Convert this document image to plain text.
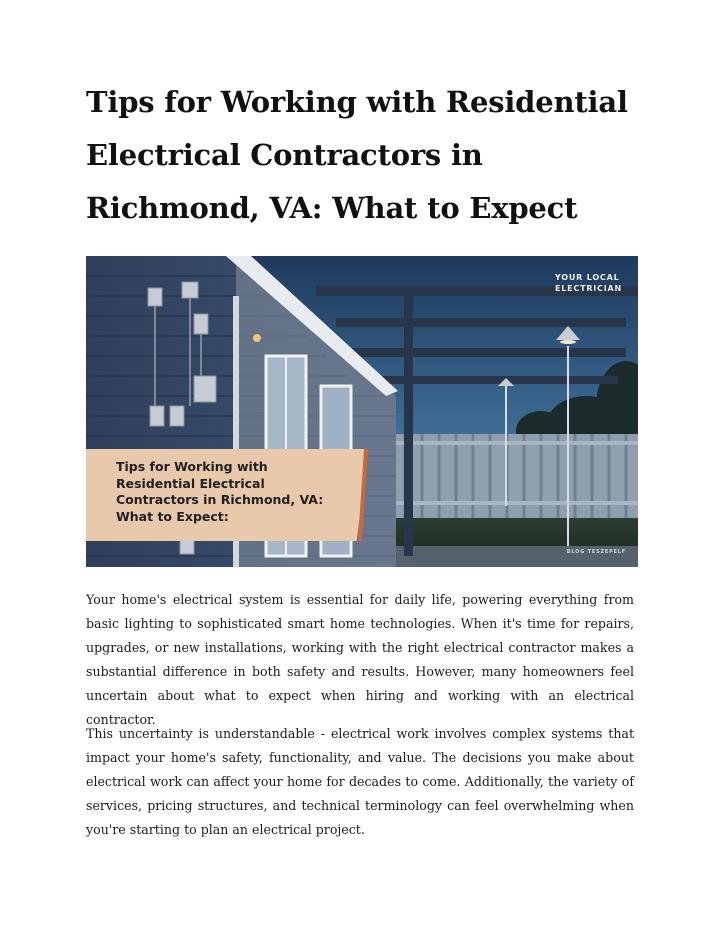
Tips for Working with Residential Electrical Contractors in Richmond, VA: What to Expect
YOUR LOCAL
ELECTRICIAN
Tips for Working with
Residential Electrical
Contractors in Richmond, VA:
What to Expect:
BLOG TESZEPELF

Your home's electrical system is essential for daily life, powering everything from basic lighting to sophisticated smart home technologies. When it's time for repairs, upgrades, or new installations, working with the right electrical contractor makes a substantial difference in both safety and results. However, many homeowners feel uncertain about what to expect when hiring and working with an electrical contractor.

This uncertainty is understandable - electrical work involves complex systems that impact your home's safety, functionality, and value. The decisions you make about electrical work can affect your home for decades to come. Additionally, the variety of services, pricing structures, and technical terminology can feel overwhelming when you're starting to plan an electrical project.
